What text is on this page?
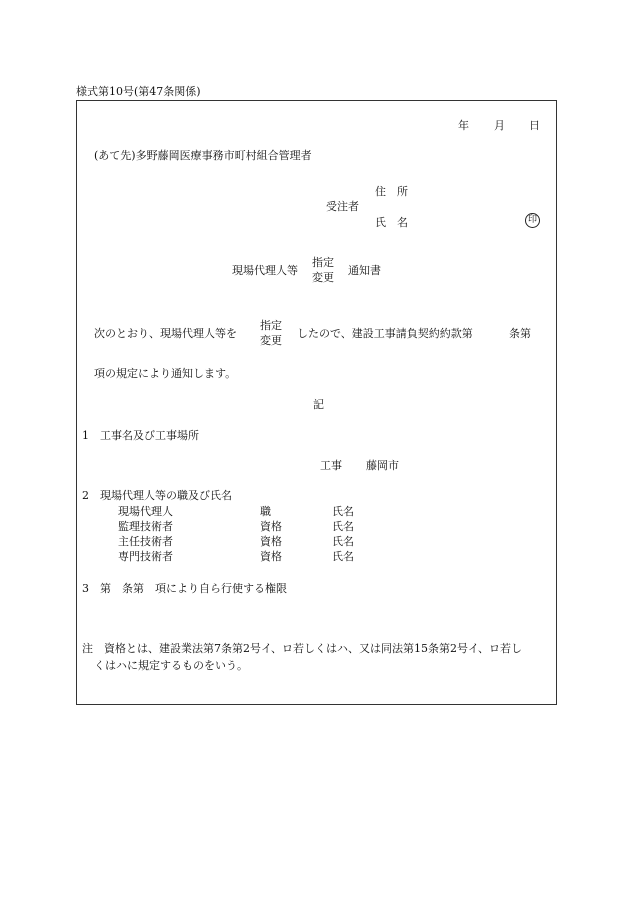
様式第10号(第47条関係)
年 月 日
(あて先)多野藤岡医療事務市町村組合管理者
受注者
住　所
氏　名	印
現場代理人等
指定
変更
通知書
次のとおり、現場代理人等を
指定
変更
したので、建設工事請負契約約款第	条第
項の規定により通知します。
記
1　工事名及び工事場所
工事 藤岡市
2　現場代理人等の職及び氏名
現場代理人	職	氏名
監理技術者	資格	氏名
主任技術者	資格	氏名
専門技術者	資格	氏名
3　第　条第　項により自ら行使する権限
注　資格とは、建設業法第7条第2号イ、ロ若しくはハ、又は同法第15条第2号イ、ロ若し
くはハに規定するものをいう。
